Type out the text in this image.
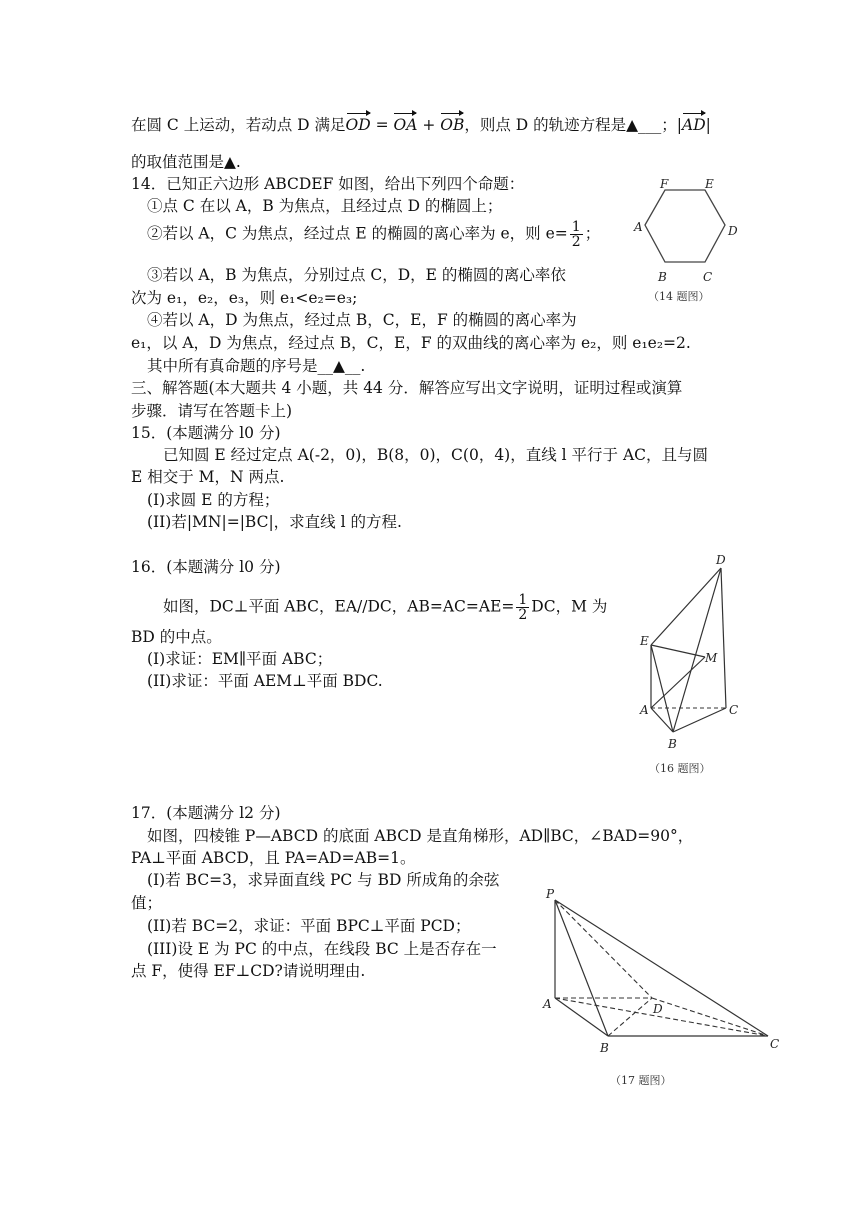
在圆 C 上运动，若动点 D 满足OD = OA + OB，则点 D 的轨迹方程是▲___；|AD|
的取值范围是▲.
14．已知正六边形 ABCDEF 如图，给出下列四个命题：
①点 C 在以 A，B 为焦点，且经过点 D 的椭圆上；
②若以 A，C 为焦点，经过点 E 的椭圆的离心率为 e，则 $e= \frac{1}{2}$ ；
③若以 A，B 为焦点，分别过点 C，D，E 的椭圆的离心率依
次为 e₁，e₂，e₃，则 e₁<e₂=e₃;
④若以 A，D 为焦点，经过点 B，C，E，F 的椭圆的离心率为
e₁，以 A，D 为焦点，经过点 B，C，E，F 的双曲线的离心率为 e₂，则 e₁e₂=2.
其中所有真命题的序号是__▲__.
F	E
A	D
B	C
（14 题图）
三、解答题(本大题共 4 小题，共 44 分．解答应写出文字说明，证明过程或演算
步骤．请写在答题卡上)
15．(本题满分 l0 分)
已知圆 E 经过定点 A(-2，0)，B(8，0)，C(0，4)，直线 l 平行于 AC，且与圆
E 相交于 M，N 两点.
(I)求圆 E 的方程；
(II)若|MN|=|BC|，求直线 l 的方程.
16．(本题满分 l0 分)
如图，DC⊥平面 ABC，EA//DC，$AB=AC=AE= \frac{1}{2}$ DC，M 为
BD 的中点。
(I)求证：EM∥平面 ABC；
(II)求证：平面 AEM⊥平面 BDC.
D
E
M
A	C
B
（16 题图）
17．(本题满分 l2 分)
如图，四棱锥 P—ABCD 的底面 ABCD 是直角梯形，AD∥BC，∠BAD=90°，
PA⊥平面 ABCD，且 PA=AD=AB=1。
(I)若 BC=3，求异面直线 PC 与 BD 所成角的余弦
值；
(II)若 BC=2，求证：平面 BPC⊥平面 PCD；
(III)设 E 为 PC 的中点，在线段 BC 上是否存在一
点 F，使得 EF⊥CD?请说明理由.
P
A	D
B	C
（17 题图）
